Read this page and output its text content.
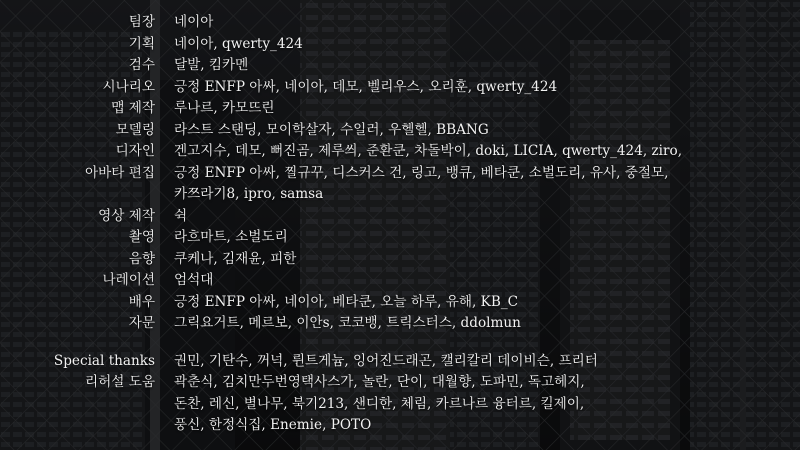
팀장 네이아
기획 네이아, qwerty_424
검수 달발, 킴카멘
시나리오 긍정 ENFP 아싸, 네이아, 데모, 벨리우스, 오리훈, qwerty_424
맵 제작 루나르, 카모뜨린
모델링 라스트 스탠딩, 모이학살자, 수일러, 우헬헬, BBANG
디자인 겐고지수, 데모, 뻐진곰, 제루씌, 준환쿤, 차돌박이, doki, LICIA, qwerty_424, ziro,
아바타 편집 긍정 ENFP 아싸, 찔규꾸, 디스커스 건, 링고, 뱅큐, 베타쿤, 소벌도리, 유사, 중절모,
카쯔라기8, ipro, samsa
영상 제작 쉭
촬영 라흐마트, 소벌도리
음향 쿠케나, 김재윤, 피한
나레이션 엄석대
배우 긍정 ENFP 아싸, 네이아, 베타쿤, 오늘 하루, 유해, KB_C
자문 그릭요거트, 메르보, 이안s, 코코뱅, 트릭스터스, ddolmun
Special thanks 권민, 기탄수, 꺼넉, 륀트게늄, 잉어진드래곤, 캘리칼리 데이비슨, 프리터
리허설 도움 곽춘식, 김치만두번영택사스가, 놀란, 단이, 대월향, 도파민, 독고헤지,
돈찬, 레신, 별나무, 북기213, 샌디한, 체림, 카르나르 융터르, 킬제이,
풍신, 한정식집, Enemie, POTO
